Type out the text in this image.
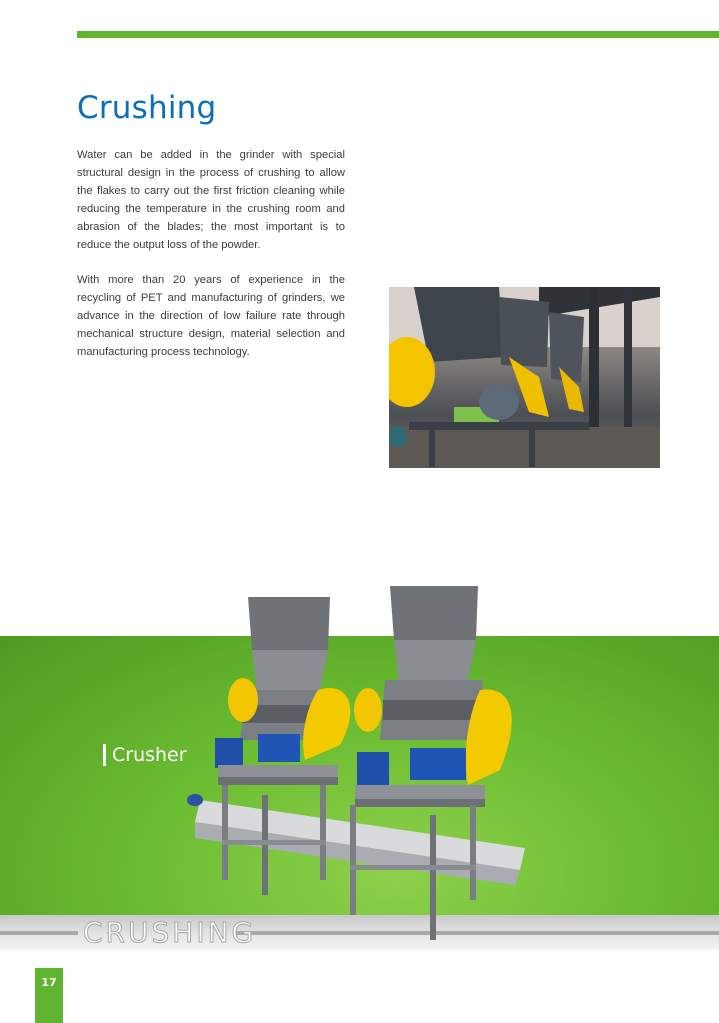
Crushing

Water can be added in the grinder with special structural design in the process of crushing to allow the flakes to carry out the first friction cleaning while reducing the temperature in the crushing room and abrasion of the blades; the most important is to reduce the output loss of the powder.

With more than 20 years of experience in the recycling of PET and manufacturing of grinders, we advance in the direction of low failure rate through mechanical structure design, material selection and manufacturing process technology.

CRUSHING
Crusher
17
